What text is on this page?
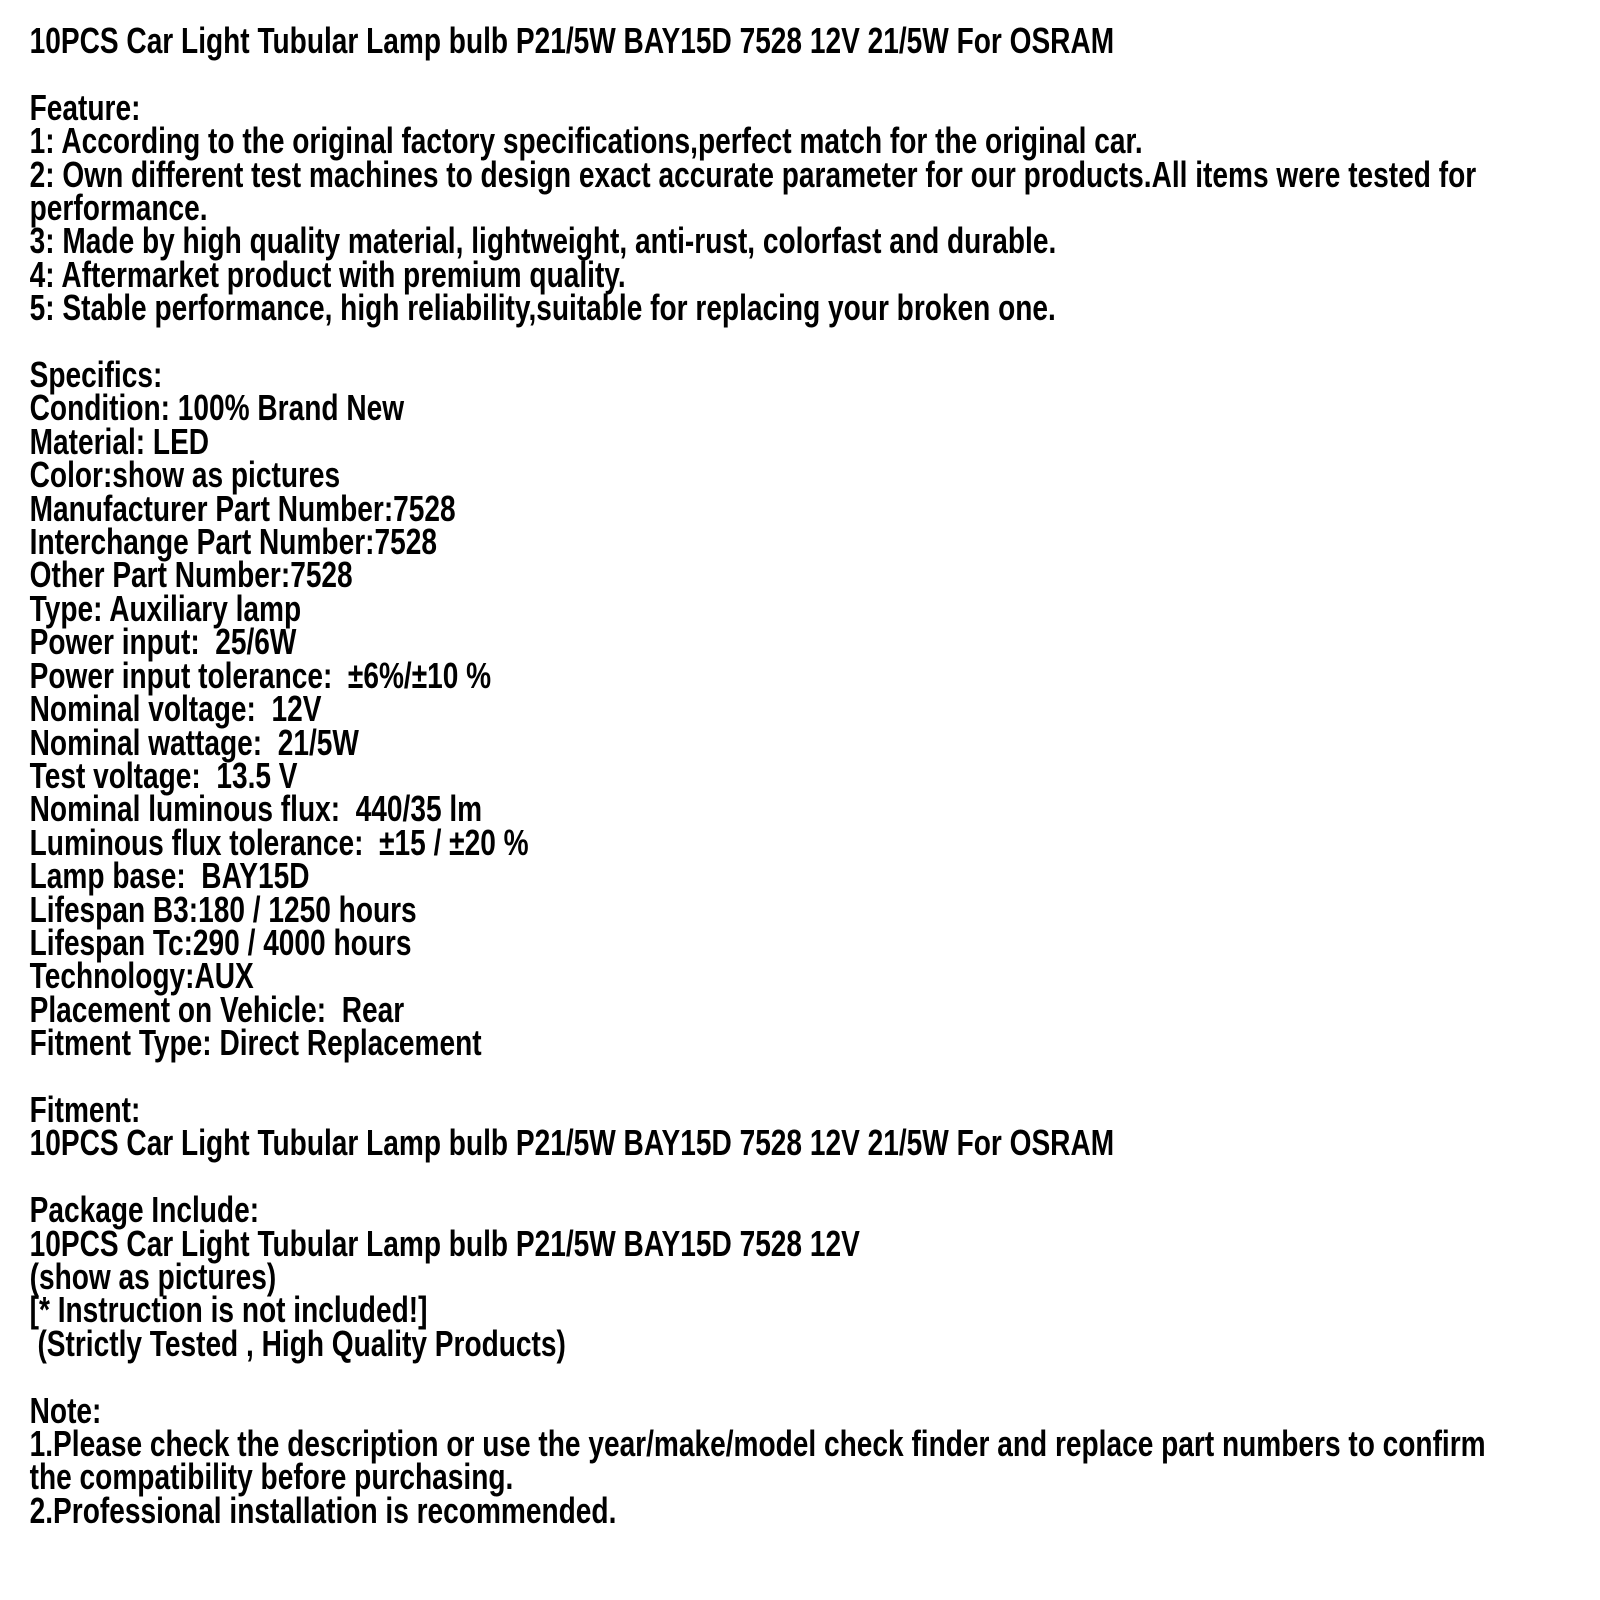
10PCS Car Light Tubular Lamp bulb P21/5W BAY15D 7528 12V 21/5W For OSRAM
Feature:
1: According to the original factory specifications,perfect match for the original car.
2: Own different test machines to design exact accurate parameter for our products.All items were tested for
performance.
3: Made by high quality material, lightweight, anti-rust, colorfast and durable.
4: Aftermarket product with premium quality.
5: Stable performance, high reliability,suitable for replacing your broken one.
Specifics:
Condition: 100% Brand New
Material: LED
Color:show as pictures
Manufacturer Part Number:7528
Interchange Part Number:7528
Other Part Number:7528
Type: Auxiliary lamp
Power input:  25/6W
Power input tolerance:  ±6%/±10 %
Nominal voltage:  12V
Nominal wattage:  21/5W
Test voltage:  13.5 V
Nominal luminous flux:  440/35 lm
Luminous flux tolerance:  ±15 / ±20 %
Lamp base:  BAY15D
Lifespan B3:180 / 1250 hours
Lifespan Tc:290 / 4000 hours
Technology:AUX
Placement on Vehicle:  Rear
Fitment Type: Direct Replacement
Fitment:
10PCS Car Light Tubular Lamp bulb P21/5W BAY15D 7528 12V 21/5W For OSRAM
Package Include:
10PCS Car Light Tubular Lamp bulb P21/5W BAY15D 7528 12V
(show as pictures)
[* Instruction is not included!]
(Strictly Tested , High Quality Products)
Note:
1.Please check the description or use the year/make/model check finder and replace part numbers to confirm
the compatibility before purchasing.
2.Professional installation is recommended.
